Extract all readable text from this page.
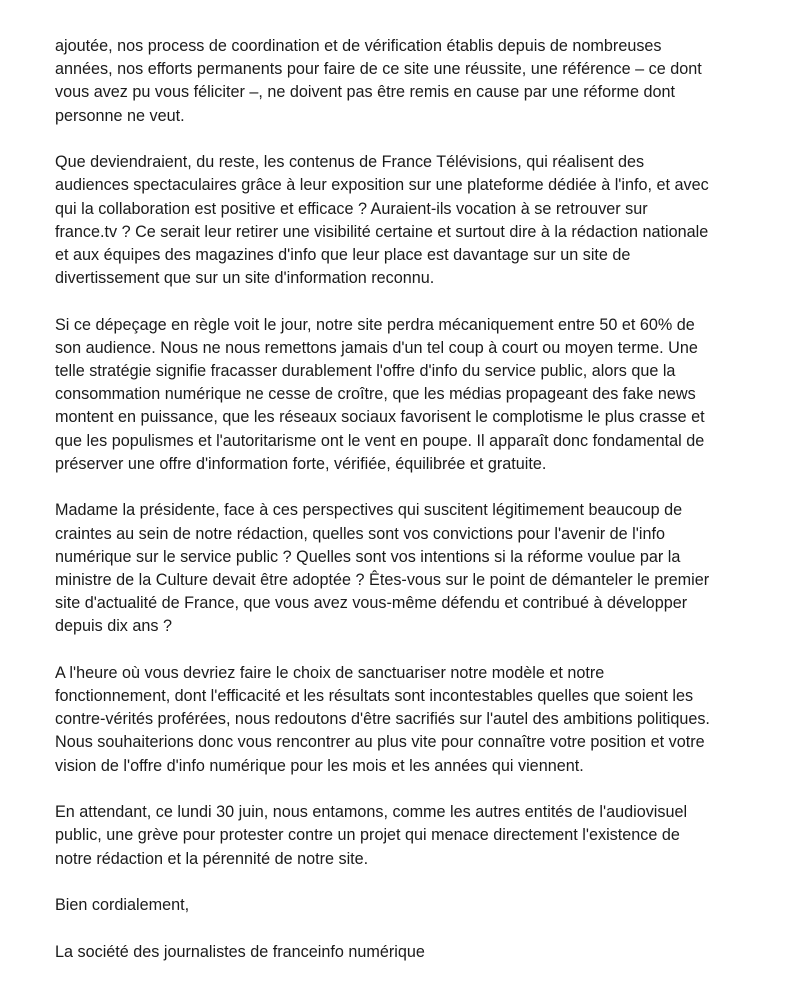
ajoutée, nos process de coordination et de vérification établis depuis de nombreuses
années, nos efforts permanents pour faire de ce site une réussite, une référence – ce dont
vous avez pu vous féliciter –, ne doivent pas être remis en cause par une réforme dont
personne ne veut.
Que deviendraient, du reste, les contenus de France Télévisions, qui réalisent des
audiences spectaculaires grâce à leur exposition sur une plateforme dédiée à l'info, et avec
qui la collaboration est positive et efficace ? Auraient-ils vocation à se retrouver sur
france.tv ? Ce serait leur retirer une visibilité certaine et surtout dire à la rédaction nationale
et aux équipes des magazines d'info que leur place est davantage sur un site de
divertissement que sur un site d'information reconnu.
Si ce dépeçage en règle voit le jour, notre site perdra mécaniquement entre 50 et 60% de
son audience. Nous ne nous remettons jamais d'un tel coup à court ou moyen terme. Une
telle stratégie signifie fracasser durablement l'offre d'info du service public, alors que la
consommation numérique ne cesse de croître, que les médias propageant des fake news
montent en puissance, que les réseaux sociaux favorisent le complotisme le plus crasse et
que les populismes et l'autoritarisme ont le vent en poupe. Il apparaît donc fondamental de
préserver une offre d'information forte, vérifiée, équilibrée et gratuite.
Madame la présidente, face à ces perspectives qui suscitent légitimement beaucoup de
craintes au sein de notre rédaction, quelles sont vos convictions pour l'avenir de l'info
numérique sur le service public ? Quelles sont vos intentions si la réforme voulue par la
ministre de la Culture devait être adoptée ? Êtes-vous sur le point de démanteler le premier
site d'actualité de France, que vous avez vous-même défendu et contribué à développer
depuis dix ans ?
A l'heure où vous devriez faire le choix de sanctuariser notre modèle et notre
fonctionnement, dont l'efficacité et les résultats sont incontestables quelles que soient les
contre-vérités proférées, nous redoutons d'être sacrifiés sur l'autel des ambitions politiques.
Nous souhaiterions donc vous rencontrer au plus vite pour connaître votre position et votre
vision de l'offre d'info numérique pour les mois et les années qui viennent.
En attendant, ce lundi 30 juin, nous entamons, comme les autres entités de l'audiovisuel
public, une grève pour protester contre un projet qui menace directement l'existence de
notre rédaction et la pérennité de notre site.
Bien cordialement,
La société des journalistes de franceinfo numérique
